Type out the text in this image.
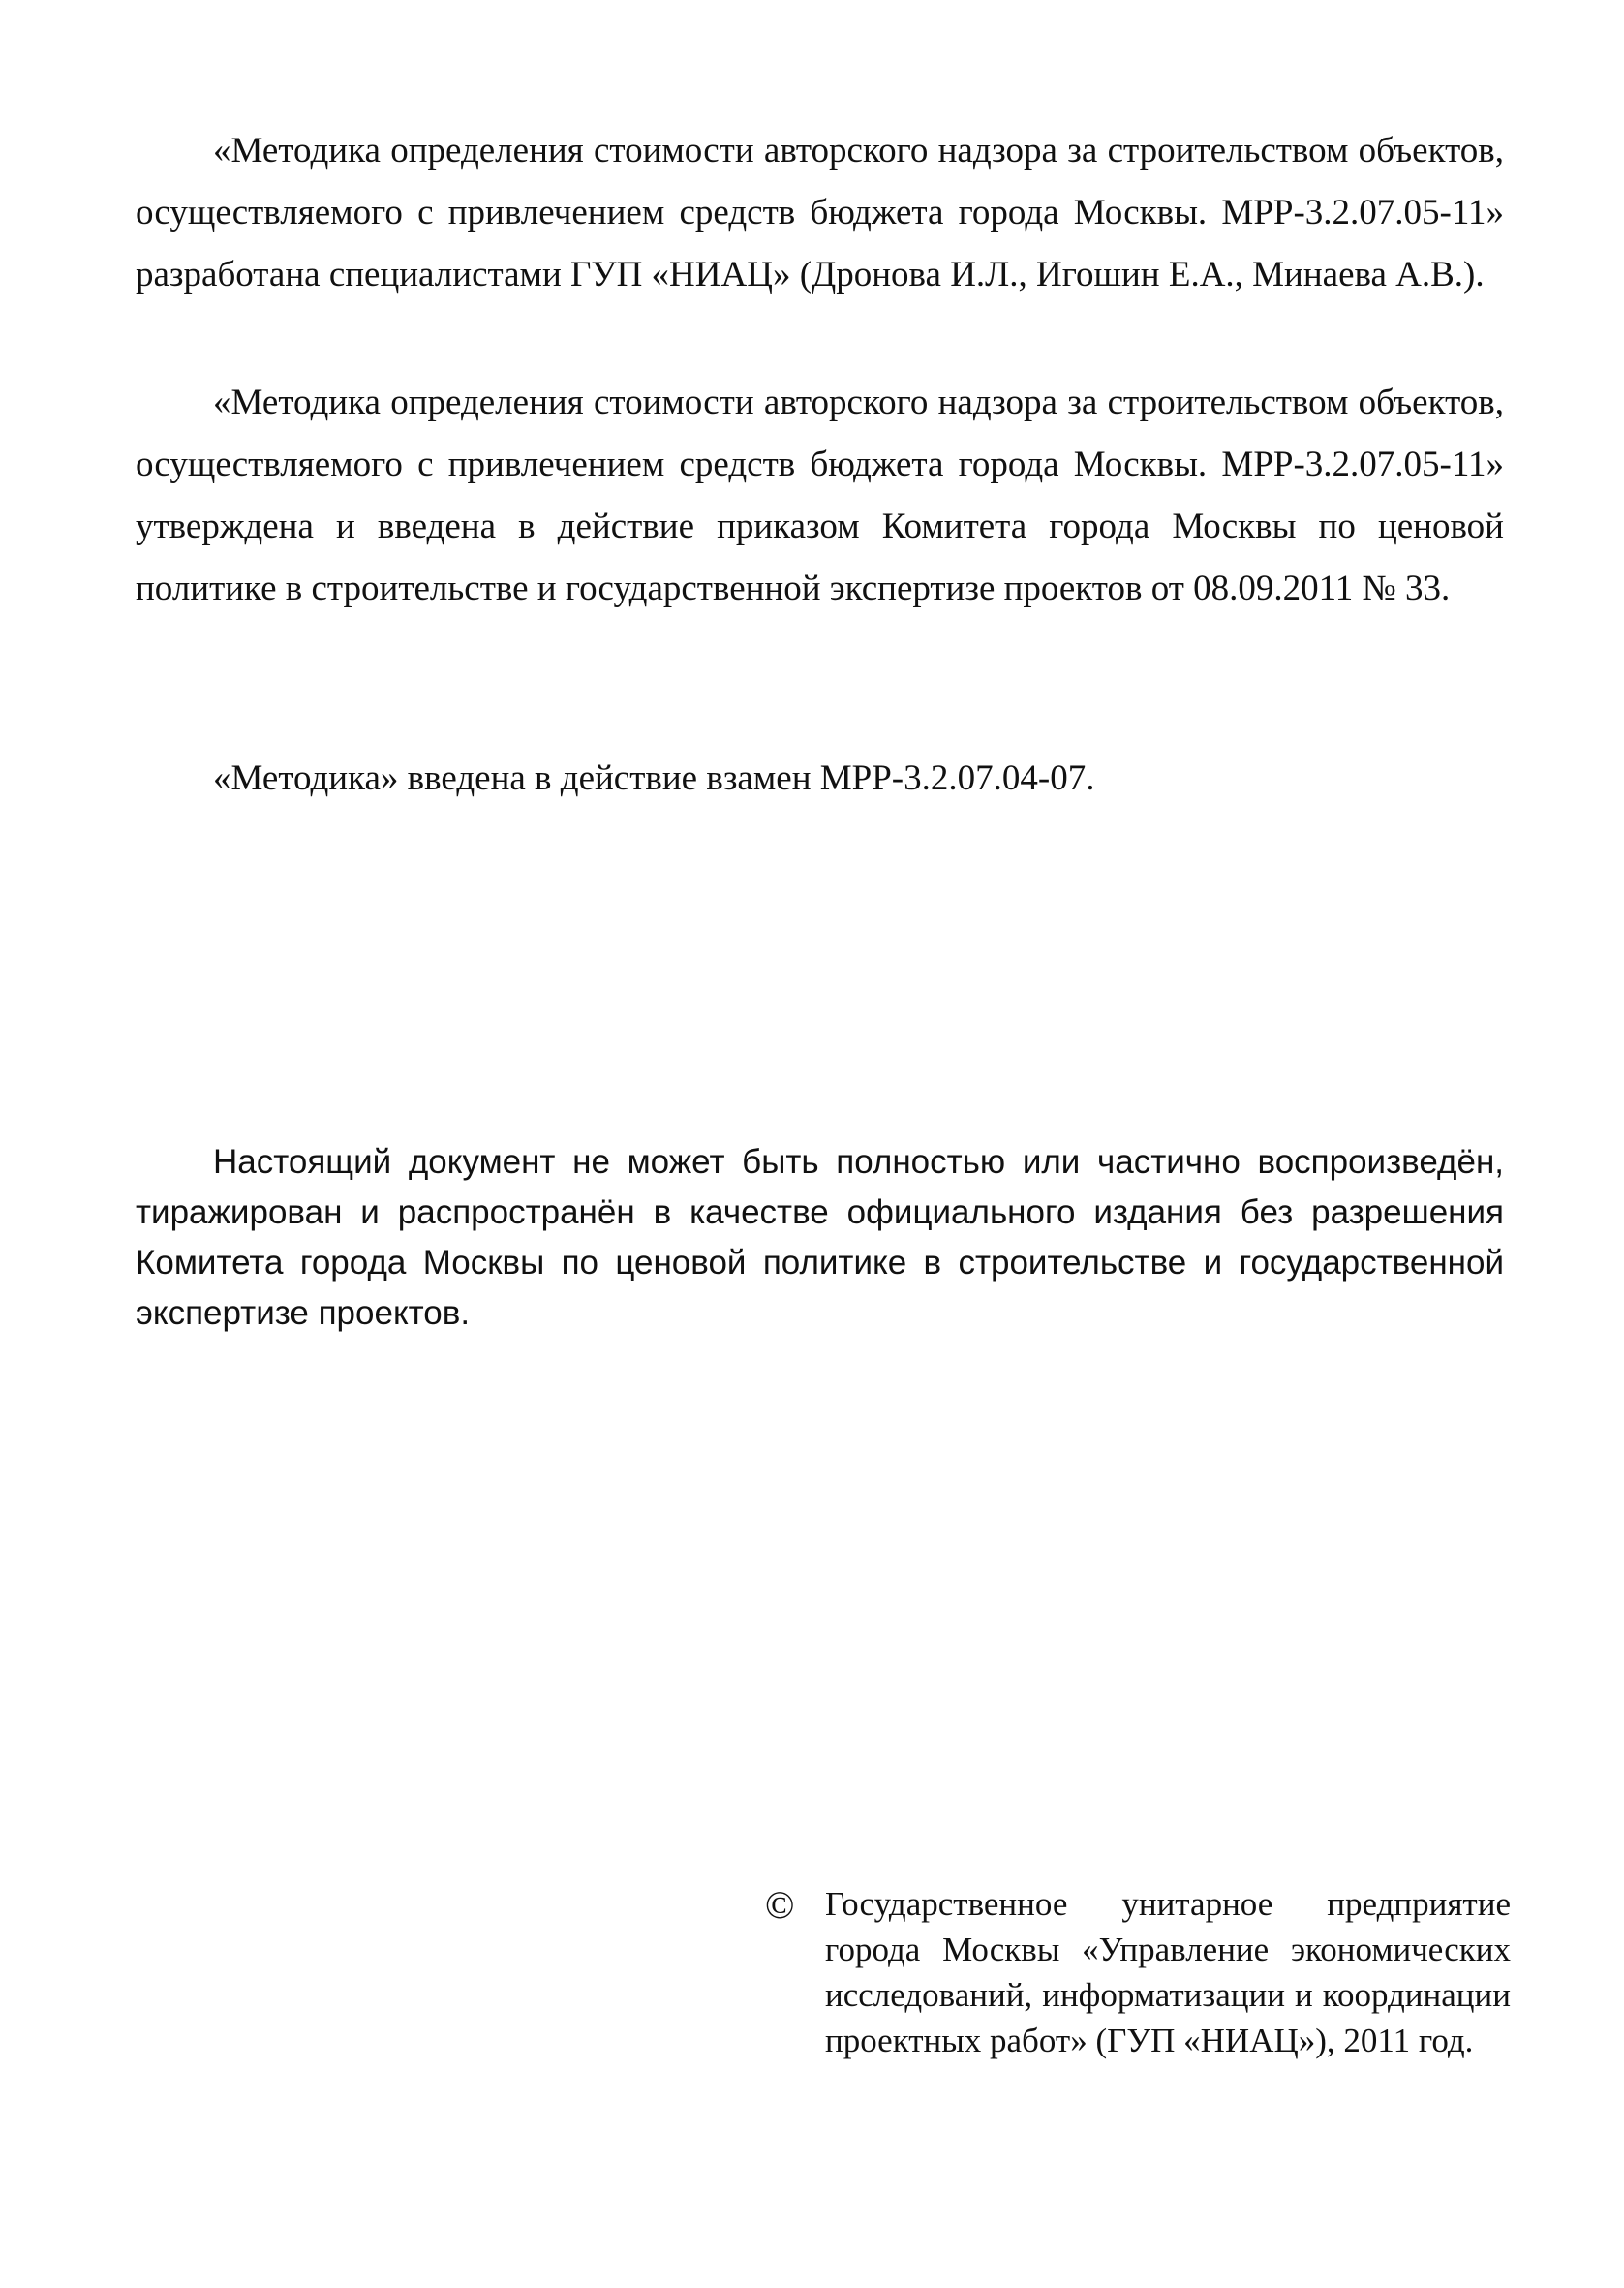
«Методика определения стоимости авторского надзора за строительством объектов, осуществляемого с привлечением средств бюджета города Москвы. МРР-3.2.07.05-11» разработана специалистами ГУП «НИАЦ» (Дронова И.Л., Игошин Е.А., Минаева А.В.).

«Методика определения стоимости авторского надзора за строительством объектов, осуществляемого с привлечением средств бюджета города Москвы. МРР-3.2.07.05-11» утверждена и введена в действие приказом Комитета города Москвы по ценовой политике в строительстве и государственной экспертизе проектов от 08.09.2011 № 33.

«Методика» введена в действие взамен МРР-3.2.07.04-07.

Настоящий документ не может быть полностью или частично воспроизведён, тиражирован и распространён в качестве официального издания без разрешения Комитета города Москвы по ценовой политике в строительстве и государственной экспертизе проектов.

© Государственное унитарное предприятие города Москвы «Управление экономических исследований, информатизации и координации проектных работ» (ГУП «НИАЦ»), 2011 год.
